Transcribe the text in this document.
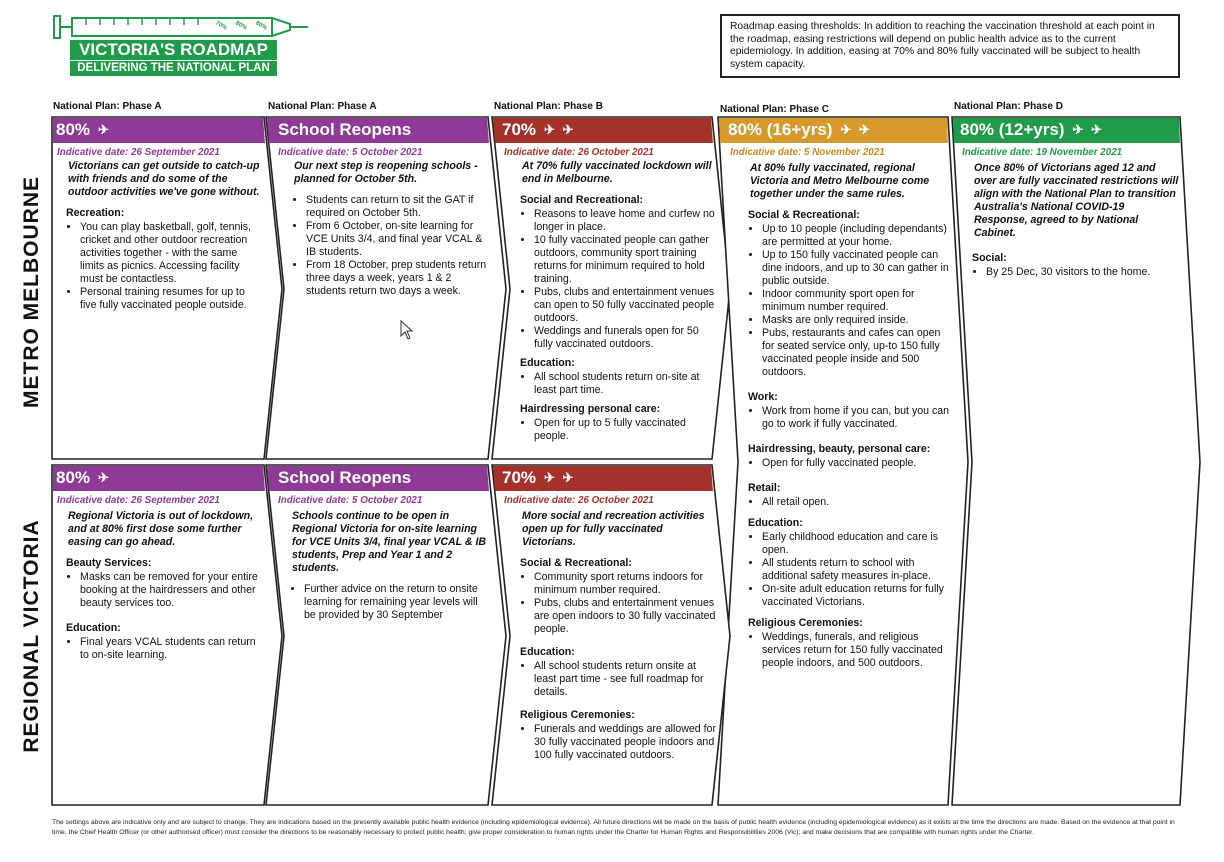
70% 80% 80%
VICTORIA'S ROADMAP
DELIVERING THE NATIONAL PLAN
Roadmap easing thresholds: In addition to reaching the vaccination threshold at each point in the roadmap, easing restrictions will depend on public health advice as to the current epidemiology. In addition, easing at 70% and 80% fully vaccinated will be subject to health system capacity.
METRO MELBOURNE
REGIONAL VICTORIA
National Plan: Phase A	National Plan: Phase A	National Plan: Phase B	National Plan: Phase C	National Plan: Phase D
80% ✈
Indicative date: 26 September 2021

Victorians can get outside to catch-up with friends and do some of the outdoor activities we've gone without.

Recreation:
• You can play basketball, golf, tennis, cricket and other outdoor recreation activities together - with the same limits as picnics. Accessing facility must be contactless.
• Personal training resumes for up to five fully vaccinated people outside.
School Reopens
Indicative date: 5 October 2021

Our next step is reopening schools - planned for October 5th.

• Students can return to sit the GAT if required on October 5th.
• From 6 October, on-site learning for VCE Units 3/4, and final year VCAL & IB students.
• From 18 October, prep students return three days a week, years 1 & 2 students return two days a week.
70% ✈ ✈
Indicative date: 26 October 2021

At 70% fully vaccinated lockdown will end in Melbourne.

Social and Recreational:
• Reasons to leave home and curfew no longer in place.
• 10 fully vaccinated people can gather outdoors, community sport training returns for minimum required to hold training.
• Pubs, clubs and entertainment venues can open to 50 fully vaccinated people outdoors.
• Weddings and funerals open for 50 fully vaccinated outdoors.
Education:
• All school students return on-site at least part time.
Hairdressing personal care:
• Open for up to 5 fully vaccinated people.
80% (16+yrs) ✈ ✈
Indicative date: 5 November 2021

At 80% fully vaccinated, regional Victoria and Metro Melbourne come together under the same rules.

Social & Recreational:
• Up to 10 people (including dependants) are permitted at your home.
• Up to 150 fully vaccinated people can dine indoors, and up to 30 can gather in public outside.
• Indoor community sport open for minimum number required.
• Masks are only required inside.
• Pubs, restaurants and cafes can open for seated service only, up-to 150 fully vaccinated people inside and 500 outdoors.
Work:
• Work from home if you can, but you can go to work if fully vaccinated.
Hairdressing, beauty, personal care:
• Open for fully vaccinated people.
Retail:
• All retail open.
Education:
• Early childhood education and care is open.
• All students return to school with additional safety measures in-place.
• On-site adult education returns for fully vaccinated Victorians.
Religious Ceremonies:
• Weddings, funerals, and religious services return for 150 fully vaccinated people indoors, and 500 outdoors.
80% (12+yrs) ✈ ✈
Indicative date: 19 November 2021

Once 80% of Victorians aged 12 and over are fully vaccinated restrictions will align with the National Plan to transition Australia's National COVID-19 Response, agreed to by National Cabinet.

Social:
• By 25 Dec, 30 visitors to the home.
80% ✈
Indicative date: 26 September 2021

Regional Victoria is out of lockdown, and at 80% first dose some further easing can go ahead.

Beauty Services:
• Masks can be removed for your entire booking at the hairdressers and other beauty services too.
Education:
• Final years VCAL students can return to on-site learning.
School Reopens
Indicative date: 5 October 2021

Schools continue to be open in Regional Victoria for on-site learning for VCE Units 3/4, final year VCAL & IB students, Prep and Year 1 and 2 students.

• Further advice on the return to onsite learning for remaining year levels will be provided by 30 September
70% ✈ ✈
Indicative date: 26 October 2021

More social and recreation activities open up for fully vaccinated Victorians.

Social & Recreational:
• Community sport returns indoors for minimum number required.
• Pubs, clubs and entertainment venues are open indoors to 30 fully vaccinated people.
Education:
• All school students return onsite at least part time - see full roadmap for details.
Religious Ceremonies:
• Funerals and weddings are allowed for 30 fully vaccinated people indoors and 100 fully vaccinated outdoors.
The settings above are indicative only and are subject to change. They are indications based on the presently available public health evidence (including epidemiological evidence). All future directions will be made on the basis of public health evidence (including epidemiological evidence) as it exists at the time the directions are made. Based on the evidence at that point in time, the Chief Health Officer (or other authorised officer) must consider the directions to be reasonably necessary to protect public health; give proper consideration to human rights under the Charter for Human Rights and Responsibilities 2006 (Vic); and make decisions that are compatible with human rights under the Charter.
